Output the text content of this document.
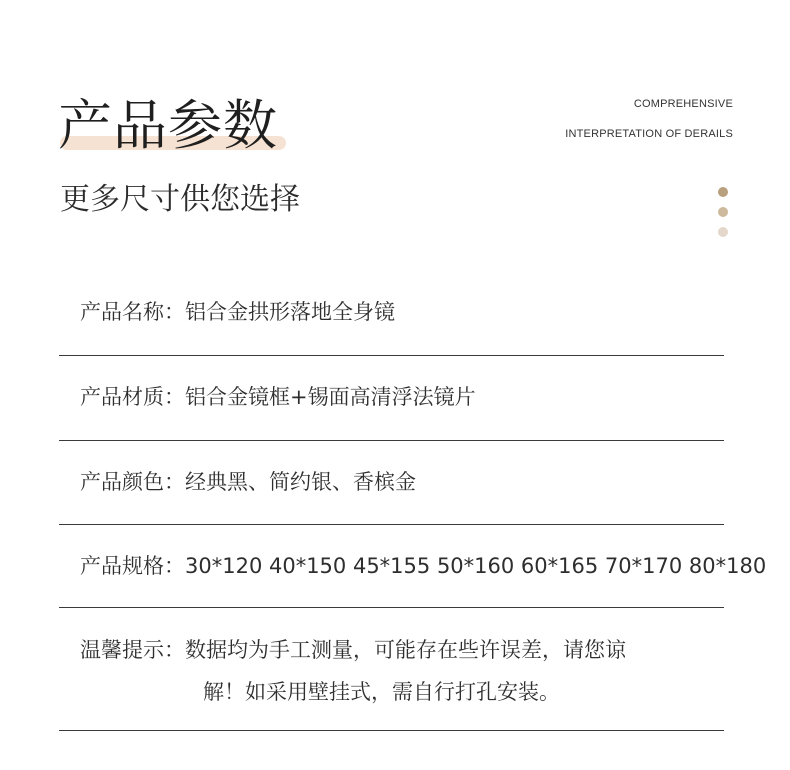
产品参数
更多尺寸供您选择
COMPREHENSIVE
INTERPRETATION OF DERAILS
产品名称：铝合金拱形落地全身镜
产品材质：铝合金镜框+锡面高清浮法镜片
产品颜色：经典黑、简约银、香槟金
产品规格：30*120 40*150 45*155 50*160 60*165 70*170 80*180
温馨提示：数据均为手工测量，可能存在些许误差，请您谅
解！如采用壁挂式，需自行打孔安装。
